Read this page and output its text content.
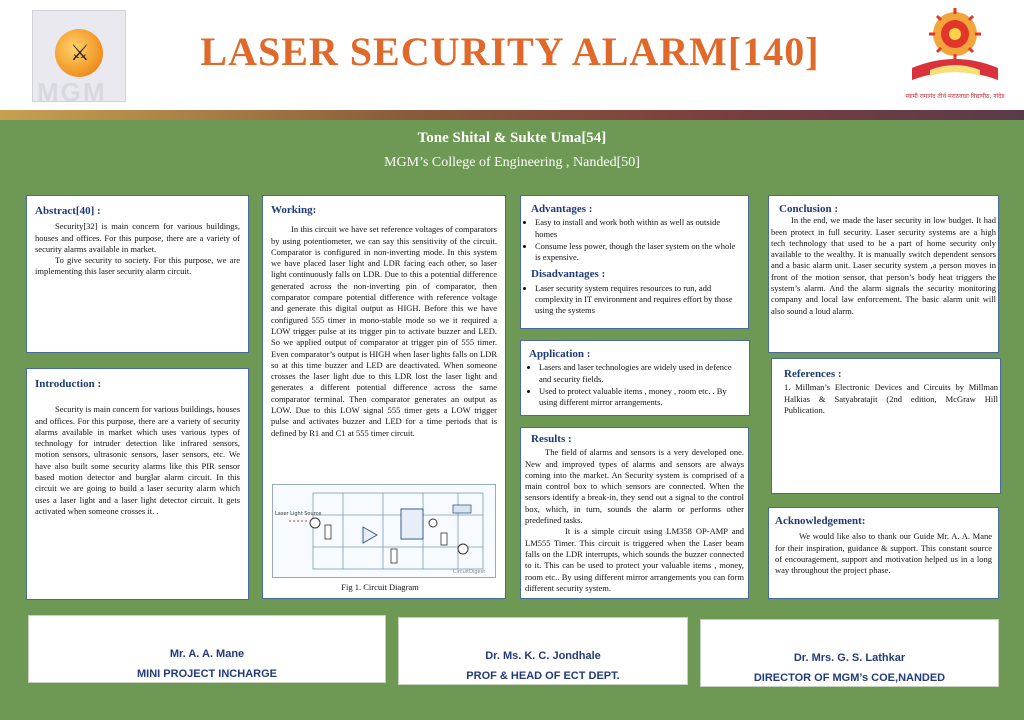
⚔
MGM
LASER SECURITY ALARM[140]
स्वामी रामानंद तीर्थ मराठवाडा विद्यापीठ, नांदेड
Tone Shital & Sukte Uma[54]
MGM’s College of Engineering , Nanded[50]
Abstract[40] :

Security[32] is main concern for various buildings, houses and offices. For this purpose, there are a variety of security alarms available in market.

To give security to society. For this purpose, we are implementing this laser security alarm circuit.

Introduction :

Security is main concern for various buildings, houses and offices. For this purpose, there are a variety of security alarms available in market which uses various types of technology for intruder detection like infrared sensors, motion sensors, ultrasonic sensors, laser sensors, etc. We have also built some security alarms like this PIR sensor based motion detector and burglar alarm circuit. In this circuit we are going to build a laser security alarm which uses a laser light and a laser light detector circuit. It gets activated when someone crosses it. .

Working:

In this circuit we have set reference voltages of comparators by using potentiometer, we can say this sensitivity of the circuit. Comparator is configured in non-inverting mode. In this system we have placed laser light and LDR facing each other, so laser light continuously falls on LDR. Due to this a potential difference generated across the non-inverting pin of comparator, then comparator compare potential difference with reference voltage and generate this digital output as HIGH. Before this we have configured 555 timer in mono-stable mode so we it required a LOW trigger pulse at its trigger pin to activate buzzer and LED. So we applied output of comparator at trigger pin of 555 timer. Even comparator’s output is HIGH when laser lights falls on LDR so at this time buzzer and LED are deactivated. When someone crosses the laser light due to this LDR lost the laser light and generates a different potential difference across the same comparator terminal. Then comparator generates an output as LOW. Due to this LOW signal 555 timer gets a LOW trigger pulse and activates buzzer and LED for a time periods that is defined by R1 and C1 at 555 timer circuit.

Laser Light Source
CircuitDigest
Fig 1. Circuit Diagram
Advantages :
• Easy to install and work both within as well as outside homes
• Consume less power, though the laser system on the whole is expensive.
Disadvantages :
• Laser security system requires resources to run, add complexity in IT environment and requires effort by those using the systems
Application :
• Lasers and laser technologies are widely used in defence and security fields.
• Used to protect valuable items , money , room etc. . By using different mirror arrangements.
Results :

The field of alarms and sensors is a very developed one. New and improved types of alarms and sensors are always coming into the market. An Security system is comprised of a main control box to which sensors are connected. When the sensors identify a break-in, they send out a signal to the control box, which, in turn, sounds the alarm or performs other predefined tasks.

It is a simple circuit using LM358 OP-AMP and LM555 Timer. This circuit is triggered when the Laser beam falls on the LDR interrupts, which sounds the buzzer connected to it. This can be used to protect your valuable items , money, room etc.. By using different mirror arrangements you can form different security system.

Conclusion :

In the end, we made the laser security in low budget. It had been protect in full security. Laser security systems are a high tech technology that used to be a part of home security only available to the wealthy. It is manually switch dependent sensors and a basic alarm unit. Laser security system ,a person moves in front of the motion sensor, that person’s body heat triggers the system’s alarm. And the alarm signals the security monitoring company and local law enforcement. The basic alarm unit will also sound a loud alarm.

References :

1. Millman’s Electronic Devices and Circuits by Millman Halkias & Satyabratajit (2nd edition, McGraw Hill Publication.

Acknowledgement:

We would like also to thank our Guide Mr. A. A. Mane for their inspiration, guidance & support. This constant source of encouragement, support and motivation helped us in a long way throughout the project phase.

Mr. A. A. Mane
MINI PROJECT INCHARGE
Dr. Ms. K. C. Jondhale
PROF & HEAD OF ECT DEPT.
Dr. Mrs. G. S. Lathkar
DIRECTOR OF MGM’s COE,NANDED
